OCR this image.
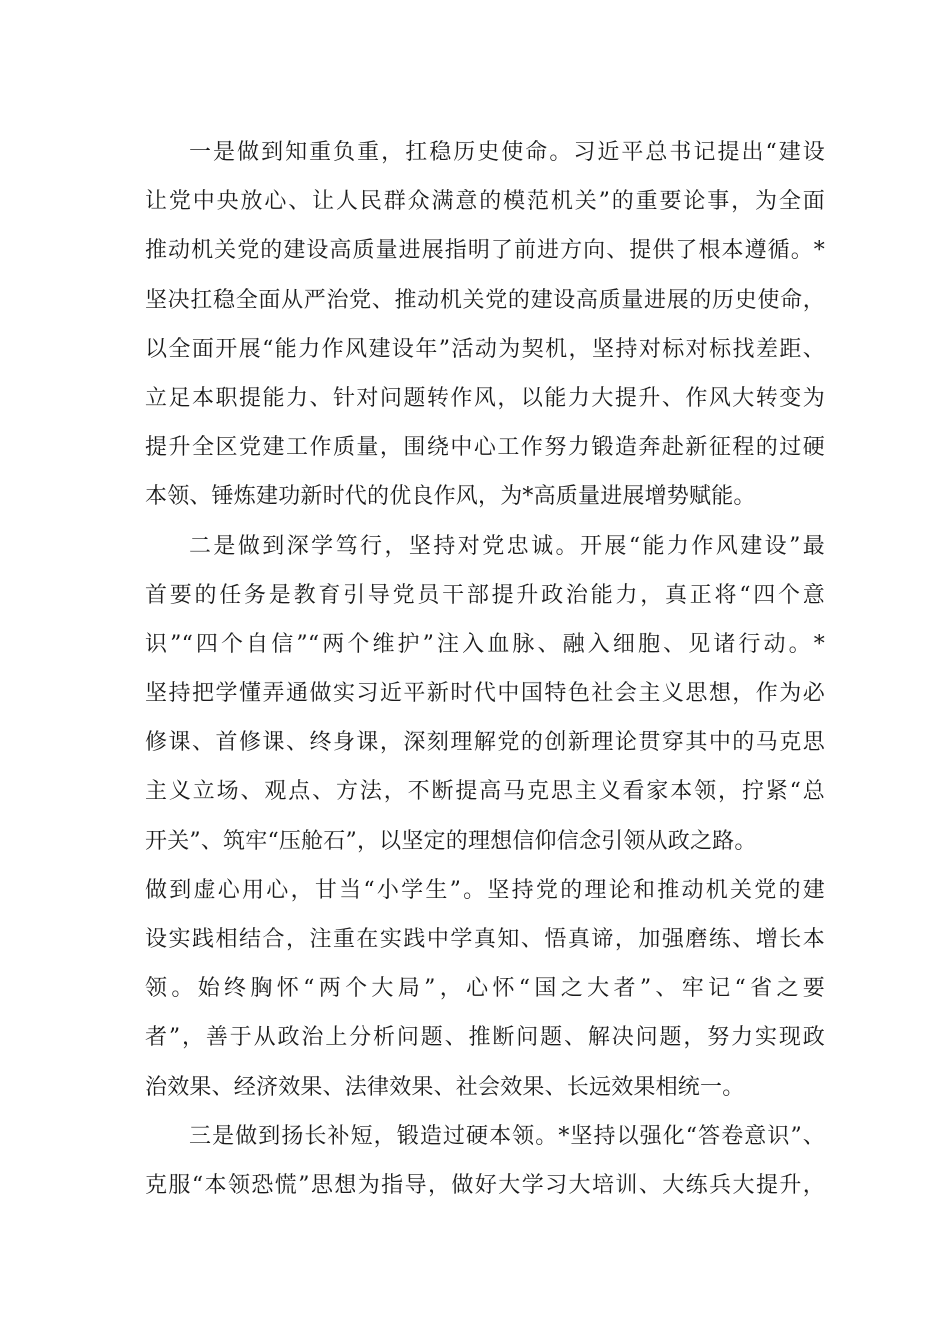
一是做到知重负重，扛稳历史使命。习近平总书记提出“建设
让党中央放心、让人民群众满意的模范机关”的重要论事，为全面
推动机关党的建设高质量进展指明了前进方向、提供了根本遵循。*
坚决扛稳全面从严治党、推动机关党的建设高质量进展的历史使命，
以全面开展“能力作风建设年”活动为契机，坚持对标对标找差距、
立足本职提能力、针对问题转作风，以能力大提升、作风大转变为
提升全区党建工作质量，围绕中心工作努力锻造奔赴新征程的过硬
本领、锤炼建功新时代的优良作风，为*高质量进展增势赋能。
二是做到深学笃行，坚持对党忠诚。开展“能力作风建设”最
首要的任务是教育引导党员干部提升政治能力，真正将“四个意
识”“四个自信”“两个维护”注入血脉、融入细胞、见诸行动。*
坚持把学懂弄通做实习近平新时代中国特色社会主义思想，作为必
修课、首修课、终身课，深刻理解党的创新理论贯穿其中的马克思
主义立场、观点、方法，不断提高马克思主义看家本领，拧紧“总
开关”、筑牢“压舱石”，以坚定的理想信仰信念引领从政之路。
做到虚心用心，甘当“小学生”。坚持党的理论和推动机关党的建
设实践相结合，注重在实践中学真知、悟真谛，加强磨练、增长本
领。始终胸怀“两个大局”，心怀“国之大者”、牢记“省之要
者”，善于从政治上分析问题、推断问题、解决问题，努力实现政
治效果、经济效果、法律效果、社会效果、长远效果相统一。
三是做到扬长补短，锻造过硬本领。*坚持以强化“答卷意识”、
克服“本领恐慌”思想为指导，做好大学习大培训、大练兵大提升，
